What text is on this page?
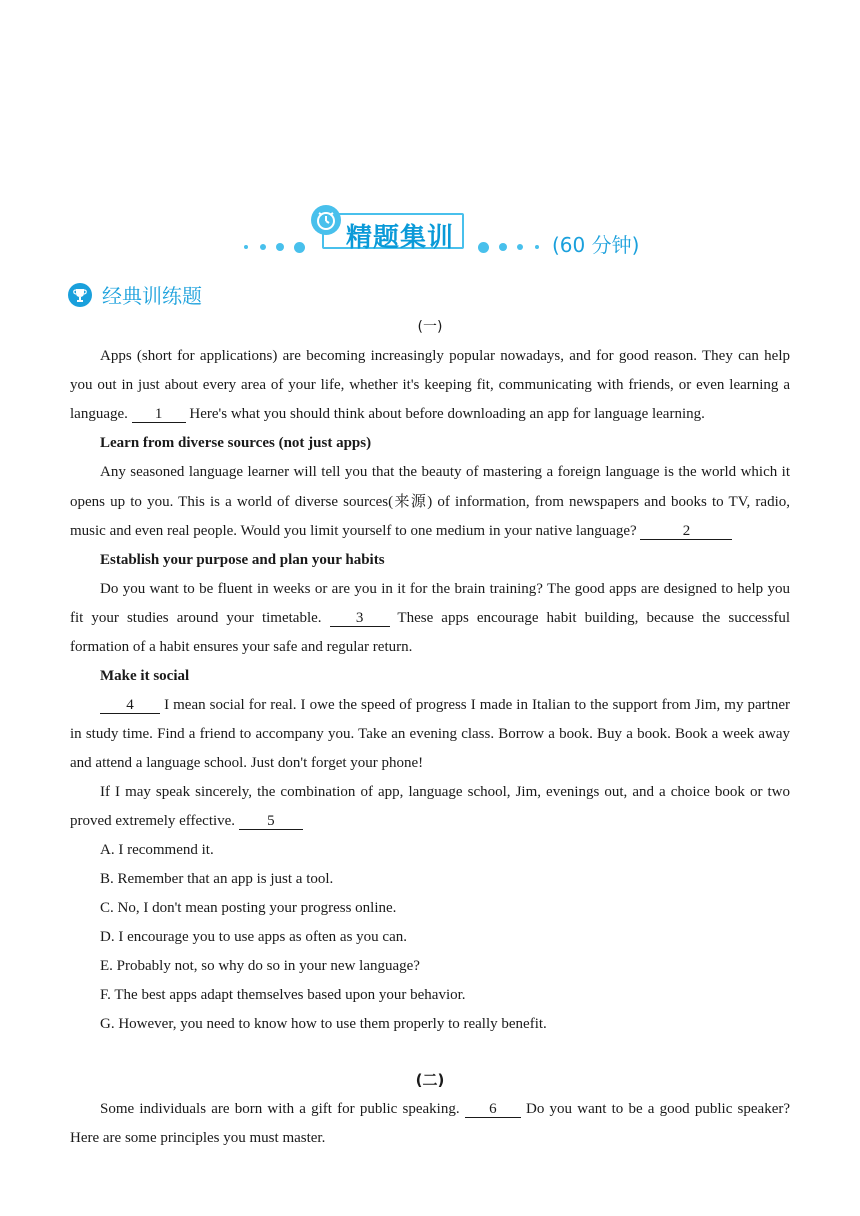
精题集训	(60 分钟)
经典训练题

(一)

Apps (short for applications) are becoming increasingly popular nowadays, and for good reason. They can help you out in just about every area of your life, whether it's keeping fit, communicating with friends, or even learning a language. 1 Here's what you should think about before downloading an app for language learning.

Learn from diverse sources (not just apps)

Any seasoned language learner will tell you that the beauty of mastering a foreign language is the world which it opens up to you. This is a world of diverse sources(来源) of information, from newspapers and books to TV, radio, music and even real people. Would you limit yourself to one medium in your native language?	2

Establish your purpose and plan your habits

Do you want to be fluent in weeks or are you in it for the brain training? The good apps are designed to help you fit your studies around your timetable. 3 These apps encourage habit building, because the successful formation of a habit ensures your safe and regular return.

Make it social

4 I mean social for real. I owe the speed of progress I made in Italian to the support from Jim, my partner in study time. Find a friend to accompany you. Take an evening class. Borrow a book. Buy a book. Book a week away and attend a language school. Just don't forget your phone!

If I may speak sincerely, the combination of app, language school, Jim, evenings out, and a choice book or two proved extremely effective. 5

A. I recommend it.

B. Remember that an app is just a tool.

C. No, I don't mean posting your progress online.

D. I encourage you to use apps as often as you can.

E. Probably not, so why do so in your new language?

F. The best apps adapt themselves based upon your behavior.

G. However, you need to know how to use them properly to really benefit.

(二)

Some individuals are born with a gift for public speaking. 6 Do you want to be a good public speaker? Here are some principles you must master.
